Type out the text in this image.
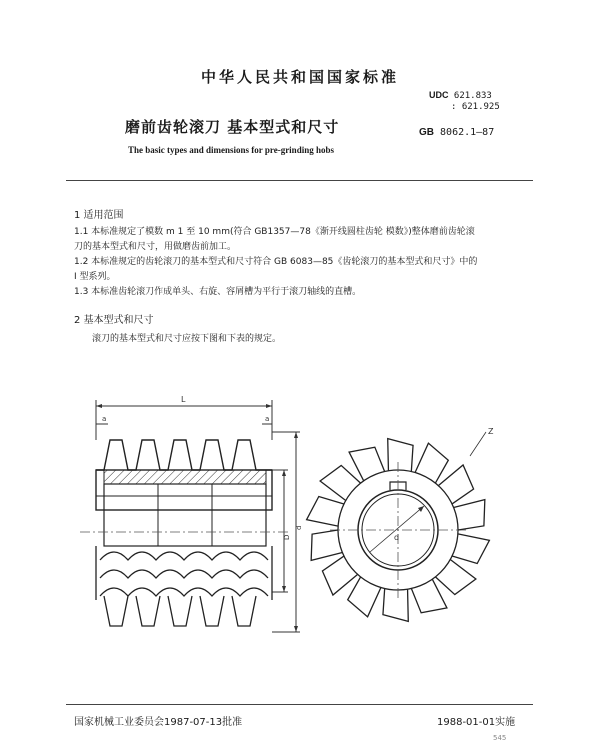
中华人民共和国国家标准
磨前齿轮滚刀 基本型式和尺寸
The basic types and dimensions for pre-grinding hobs
UDC 621.833
: 621.925
GB 8062.1—87
1 适用范围
1.1 本标准规定了模数 m 1 至 10 mm(符合 GB1357—78《渐开线圆柱齿轮 模数》)整体磨前齿轮滚
刀的基本型式和尺寸，用做磨齿前加工。
1.2 本标准规定的齿轮滚刀的基本型式和尺寸符合 GB 6083—85《齿轮滚刀的基本型式和尺寸》中的
I 型系列。
1.3 本标准齿轮滚刀作成单头、右旋、容屑槽为平行于滚刀轴线的直槽。
2 基本型式和尺寸
滚刀的基本型式和尺寸应按下图和下表的规定。
L
a	a
D
d
d
Z
国家机械工业委员会1987-07-13批准	1988-01-01实施
545
